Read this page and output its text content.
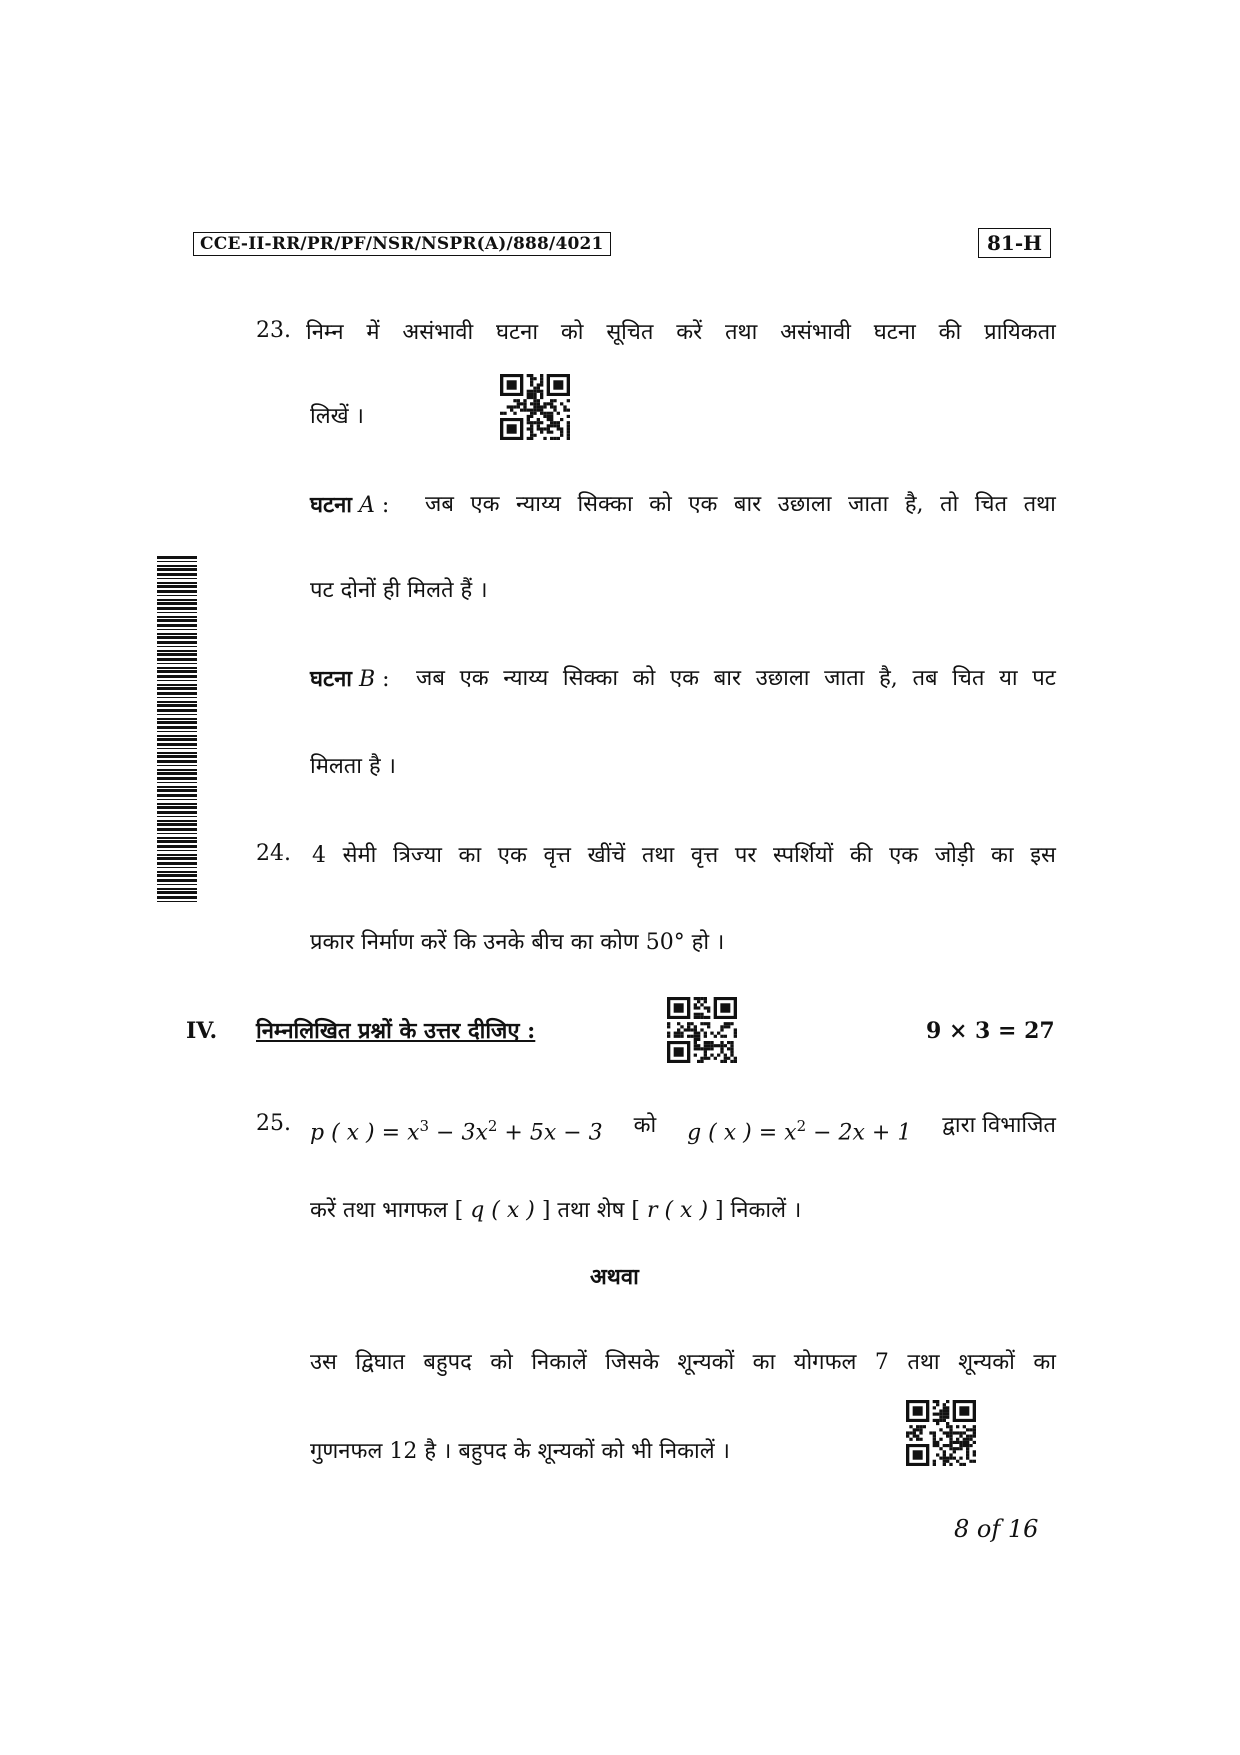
CCE-II-RR/PR/PF/NSR/NSPR(A)/888/4021	81-H
23. निम्न में असंभावी घटना को सूचित करें तथा असंभावी घटना की प्रायिकता
लिखें ।
घटना A : जब एक न्याय्य सिक्का को एक बार उछाला जाता है, तो चित तथा
पट दोनों ही मिलते हैं ।
घटना B : जब एक न्याय्य सिक्का को एक बार उछाला जाता है, तब चित या पट
मिलता है ।
24. 4 सेमी त्रिज्या का एक वृत्त खींचें तथा वृत्त पर स्पर्शियों की एक जोड़ी का इस
प्रकार निर्माण करें कि उनके बीच का कोण 50° हो ।
IV. निम्नलिखित प्रश्नों के उत्तर दीजिए :	9 × 3 = 27
25. p ( x ) = $x^3 - 3x^2 + 5x - 3$ को g ( x ) = $x^2 - 2x + 1$ द्वारा विभाजित
करें तथा भागफल [ q ( x ) ] तथा शेष [ r ( x ) ] निकालें ।
अथवा
उस द्विघात बहुपद को निकालें जिसके शून्यकों का योगफल 7 तथा शून्यकों का
गुणनफल 12 है । बहुपद के शून्यकों को भी निकालें ।
8 of 16
